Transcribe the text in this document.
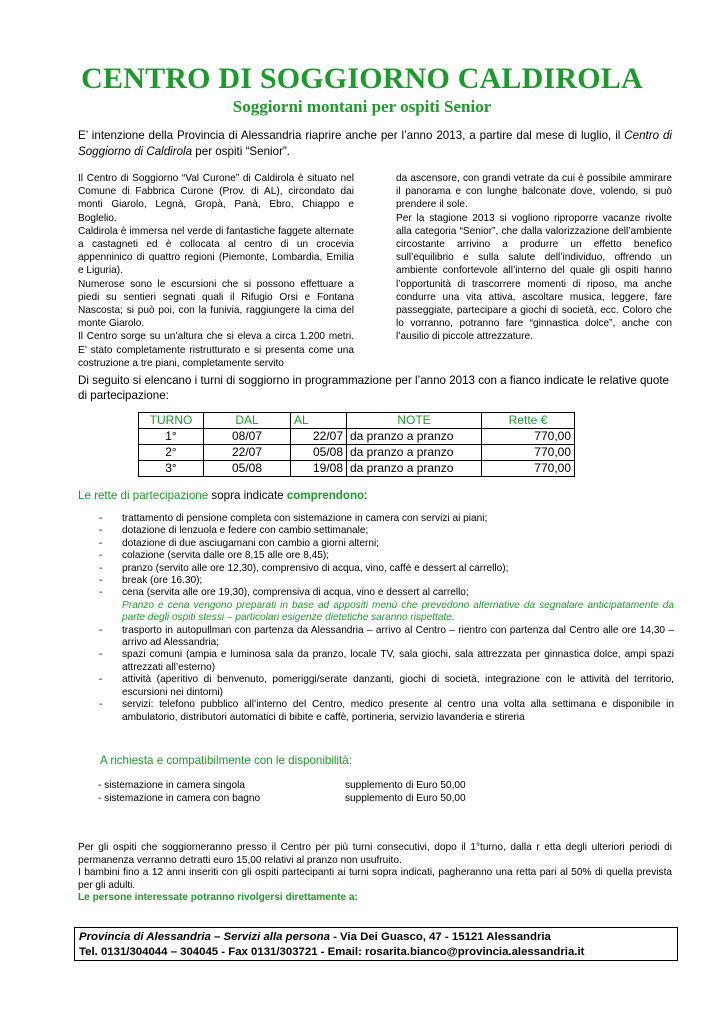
CENTRO DI SOGGIORNO CALDIROLA
Soggiorni montani per ospiti Senior
E’ intenzione della Provincia di Alessandria riaprire anche per l’anno 2013, a partire dal mese di luglio, il Centro di Soggiorno di Caldirola per ospiti “Senior”.

Il Centro di Soggiorno “Val Curone” di Caldirola è situato nel Comune di Fabbrica Curone (Prov. di AL), circondato dai monti Giarolo, Legnà, Gropà, Panà, Ebro, Chiappo e Boglelio.

Caldirola è immersa nel verde di fantastiche faggete alternate a castagneti ed è collocata al centro di un crocevia appenninico di quattro regioni (Piemonte, Lombardia, Emilia e Liguria).

Numerose sono le escursioni che si possono effettuare a piedi su sentieri segnati quali il Rifugio Orsi e Fontana Nascosta; si può poi, con la funivia, raggiungere la cima del monte Giarolo.

Il Centro sorge su un’altura che si eleva a circa 1.200 metri. E’ stato completamente ristrutturato e si presenta come una costruzione a tre piani, completamente servito

da ascensore, con grandi vetrate da cui è possibile ammirare il panorama e con lunghe balconate dove, volendo, si può prendere il sole.

Per la stagione 2013 si vogliono riproporre vacanze rivolte alla categoria “Senior”, che dalla valorizzazione dell’ambiente circostante arrivino a produrre un effetto benefico sull’equilibrio e sulla salute dell’individuo, offrendo un ambiente confortevole all’interno del quale gli ospiti hanno l’opportunità di trascorrere momenti di riposo, ma anche condurre una vita attiva, ascoltare musica, leggere, fare passeggiate, partecipare a giochi di società, ecc. Coloro che lo vorranno, potranno fare “ginnastica dolce”, anche con l’ausilio di piccole attrezzature.

Di seguito si elencano i turni di soggiorno in programmazione per l’anno 2013 con a fianco indicate le relative quote di partecipazione:
TURNO	DAL	AL	NOTE	Rette €
1°	08/07	22/07	da pranzo a pranzo	770,00
2°	22/07	05/08	da pranzo a pranzo	770,00
3°	05/08	19/08	da pranzo a pranzo	770,00
Le rette di partecipazione sopra indicate comprendono:
- trattamento di pensione completa con sistemazione in camera con servizi ai piani;
- dotazione di lenzuola e federe con cambio settimanale;
- dotazione di due asciugamani con cambio a giorni alterni;
- colazione (servita dalle ore 8,15 alle ore 8,45);
- pranzo (servito alle ore 12,30), comprensivo di acqua, vino, caffè e dessert al carrello);
- break (ore 16.30);
- cena (servita alle ore 19,30), comprensiva di acqua, vino e dessert al carrello;
Pranzo e cena vengono preparati in base ad appositi menù che prevedono alternative da segnalare anticipatamente da parte degli ospiti stessi – particolari esigenze dietetiche saranno rispettate.
- trasporto in autopullman con partenza da Alessandria – arrivo al Centro – rientro con partenza dal Centro alle ore 14,30 – arrivo ad Alessandria;
- spazi comuni (ampia e luminosa sala da pranzo, locale TV, sala giochi, sala attrezzata per ginnastica dolce, ampi spazi attrezzati all’esterno)
- attività (aperitivo di benvenuto, pomeriggi/serate danzanti, giochi di società, integrazione con le attività del territorio, escursioni nei dintorni)
- servizi: telefono pubblico all’interno del Centro, medico presente al centro una volta alla settimana e disponibile in ambulatorio, distributori automatici di bibite e caffè, portineria, servizio lavanderia e stireria
A richiesta e compatibilmente con le disponibilità:
- sistemazione in camera singola	supplemento di Euro 50,00
- sistemazione in camera con bagno	supplemento di Euro 50,00

Per gli ospiti che soggiorneranno presso il Centro per più turni consecutivi, dopo il 1°turno, dalla r etta degli ulteriori periodi di permanenza verranno detratti euro 15,00 relativi al pranzo non usufruito.

I bambini fino a 12 anni inseriti con gli ospiti partecipanti ai turni sopra indicati, pagheranno una retta pari al 50% di quella prevista per gli adulti.

Le persone interessate potranno rivolgersi direttamente a:

Provincia di Alessandria – Servizi alla persona - Via Dei Guasco, 47 - 15121 Alessandria
Tel. 0131/304044 – 304045 - Fax 0131/303721 - Email: rosarita.bianco@provincia.alessandria.it
